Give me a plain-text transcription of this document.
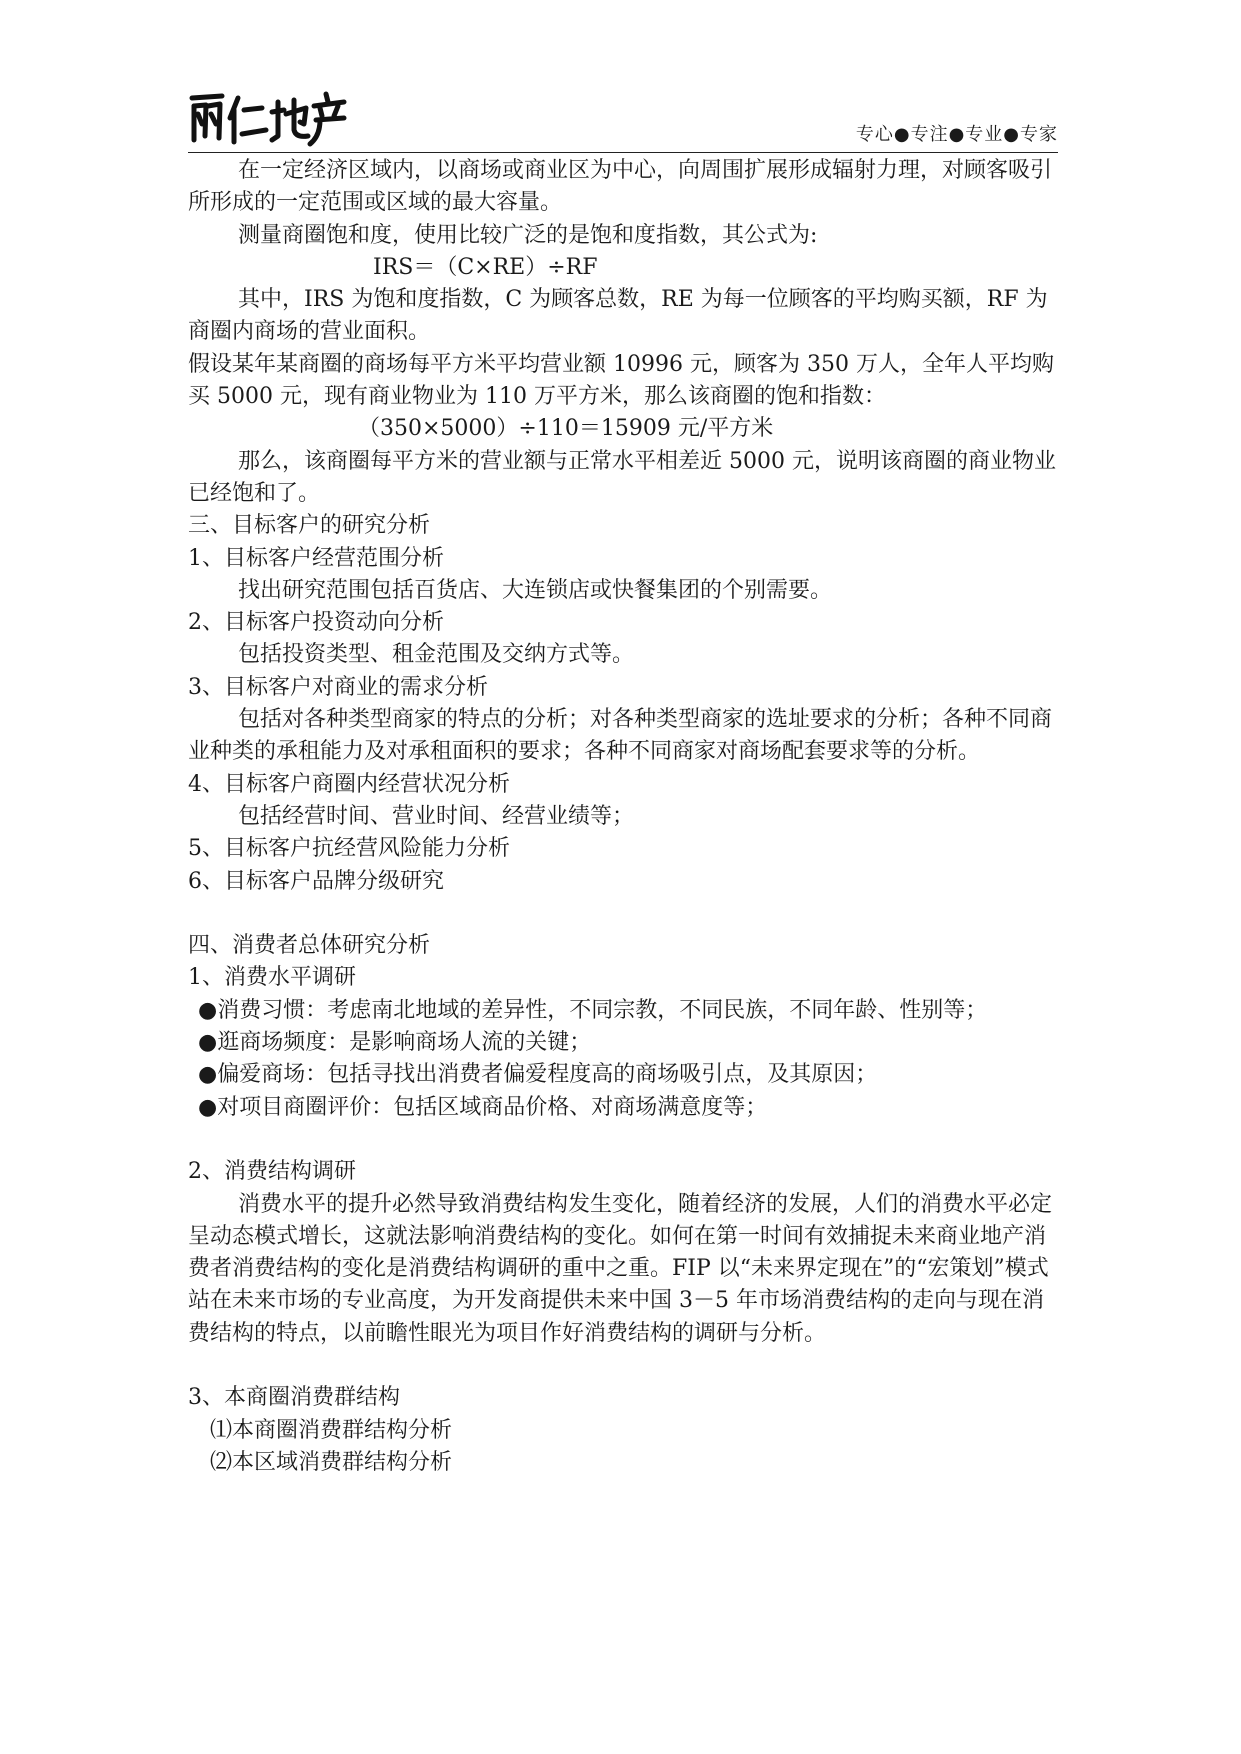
专心●专注●专业●专家

在一定经济区域内，以商场或商业区为中心，向周围扩展形成辐射力理，对顾客吸引所形成的一定范围或区域的最大容量。

测量商圈饱和度，使用比较广泛的是饱和度指数，其公式为:

IRS＝（C×RE）÷RF

其中，IRS 为饱和度指数，C 为顾客总数，RE 为每一位顾客的平均购买额，RF 为商圈内商场的营业面积。

假设某年某商圈的商场每平方米平均营业额 10996 元，顾客为 350 万人，全年人平均购买 5000 元，现有商业物业为 110 万平方米，那么该商圈的饱和指数：

（350×5000）÷110＝15909 元/平方米

那么，该商圈每平方米的营业额与正常水平相差近 5000 元，说明该商圈的商业物业已经饱和了。

三、目标客户的研究分析

1、目标客户经营范围分析

找出研究范围包括百货店、大连锁店或快餐集团的个别需要。

2、目标客户投资动向分析

包括投资类型、租金范围及交纳方式等。

3、目标客户对商业的需求分析

包括对各种类型商家的特点的分析；对各种类型商家的选址要求的分析；各种不同商业种类的承租能力及对承租面积的要求；各种不同商家对商场配套要求等的分析。

4、目标客户商圈内经营状况分析

包括经营时间、营业时间、经营业绩等；

5、目标客户抗经营风险能力分析

6、目标客户品牌分级研究

四、消费者总体研究分析

1、消费水平调研

●消费习惯：考虑南北地域的差异性，不同宗教，不同民族，不同年龄、性别等；

●逛商场频度：是影响商场人流的关键；

●偏爱商场：包括寻找出消费者偏爱程度高的商场吸引点，及其原因；

●对项目商圈评价：包括区域商品价格、对商场满意度等；

2、消费结构调研

消费水平的提升必然导致消费结构发生变化，随着经济的发展，人们的消费水平必定呈动态模式增长，这就法影响消费结构的变化。如何在第一时间有效捕捉未来商业地产消费者消费结构的变化是消费结构调研的重中之重。FIP 以“未来界定现在”的“宏策划”模式站在未来市场的专业高度，为开发商提供未来中国 3－5 年市场消费结构的走向与现在消费结构的特点，以前瞻性眼光为项目作好消费结构的调研与分析。

3、本商圈消费群结构

⑴本商圈消费群结构分析

⑵本区域消费群结构分析
